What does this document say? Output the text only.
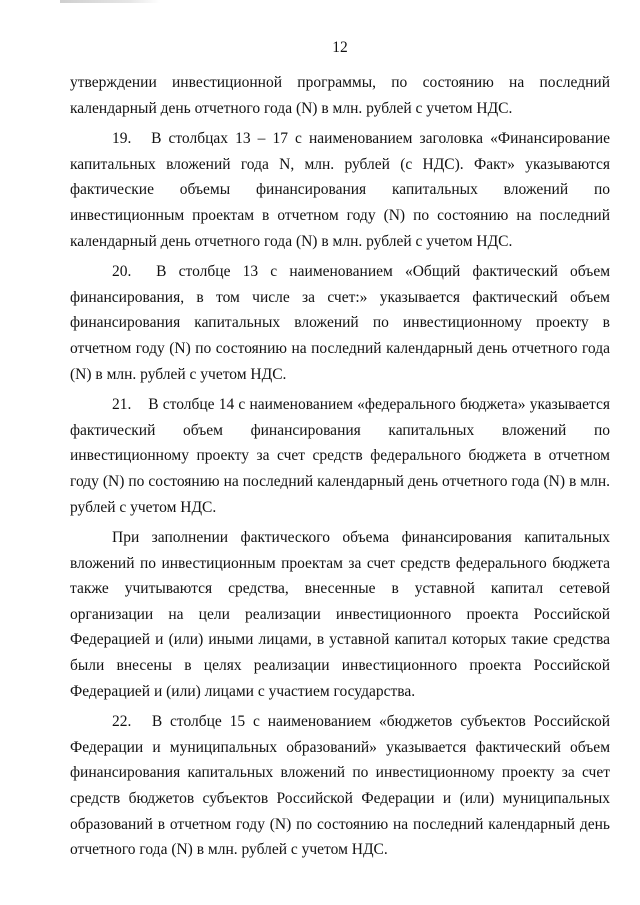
12

утверждении инвестиционной программы, по состоянию на последний календарный день отчетного года (N) в млн. рублей с учетом НДС.

19. В столбцах 13 – 17 с наименованием заголовка «Финансирование капитальных вложений года N, млн. рублей (с НДС). Факт» указываются фактические объемы финансирования капитальных вложений по инвестиционным проектам в отчетном году (N) по состоянию на последний календарный день отчетного года (N) в млн. рублей с учетом НДС.

20. В столбце 13 с наименованием «Общий фактический объем финансирования, в том числе за счет:» указывается фактический объем финансирования капитальных вложений по инвестиционному проекту в отчетном году (N) по состоянию на последний календарный день отчетного года (N) в млн. рублей с учетом НДС.

21. В столбце 14 с наименованием «федерального бюджета» указывается фактический объем финансирования капитальных вложений по инвестиционному проекту за счет средств федерального бюджета в отчетном году (N) по состоянию на последний календарный день отчетного года (N) в млн. рублей с учетом НДС.

При заполнении фактического объема финансирования капитальных вложений по инвестиционным проектам за счет средств федерального бюджета также учитываются средства, внесенные в уставной капитал сетевой организации на цели реализации инвестиционного проекта Российской Федерацией и (или) иными лицами, в уставной капитал которых такие средства были внесены в целях реализации инвестиционного проекта Российской Федерацией и (или) лицами с участием государства.

22. В столбце 15 с наименованием «бюджетов субъектов Российской Федерации и муниципальных образований» указывается фактический объем финансирования капитальных вложений по инвестиционному проекту за счет средств бюджетов субъектов Российской Федерации и (или) муниципальных образований в отчетном году (N) по состоянию на последний календарный день отчетного года (N) в млн. рублей с учетом НДС.
